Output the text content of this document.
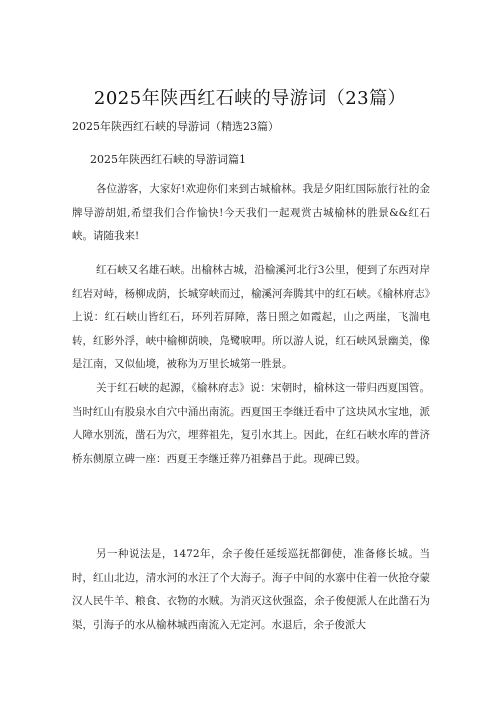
2025年陕西红石峡的导游词（23篇）
2025年陕西红石峡的导游词（精选23篇）
2025年陕西红石峡的导游词篇1

各位游客，大家好!欢迎你们来到古城榆林。我是夕阳红国际旅行社的金牌导游胡姐,希望我们合作愉快!今天我们一起观赏古城榆林的胜景&&红石峡。请随我来!

红石峡又名雄石峡。出榆林古城，沿榆溪河北行3公里，便到了东西对岸红岩对峙，杨柳成荫，长城穿峡而过，榆溪河奔腾其中的红石峡。《榆林府志》上说：红石峡山皆红石，环列若屏障，落日照之如霞起，山之两崖，飞湍电转，红影外浮，峡中榆柳荫映，凫鹭唳呷。所以游人说，红石峡风景幽美，像是江南，又似仙境，被称为万里长城第一胜景。

关于红石峡的起源，《榆林府志》说：宋朝时，榆林这一带归西夏国管。当时红山有股泉水自穴中涌出南流。西夏国王李继迁看中了这块风水宝地，派人障水别流，凿石为穴，埋葬祖先，复引水其上。因此，在红石峡水库的普济桥东侧原立碑一座：西夏王李继迁葬乃祖彝昌于此。现碑已毁。

另一种说法是，1472年，余子俊任延绥巡抚都御使，准备修长城。当时，红山北边，清水河的水汪了个大海子。海子中间的水寨中住着一伙抢夺蒙汉人民牛羊、粮食、衣物的水贼。为消灭这伙强盗，余子俊便派人在此凿石为渠，引海子的水从榆林城西南流入无定河。水退后，余子俊派大
